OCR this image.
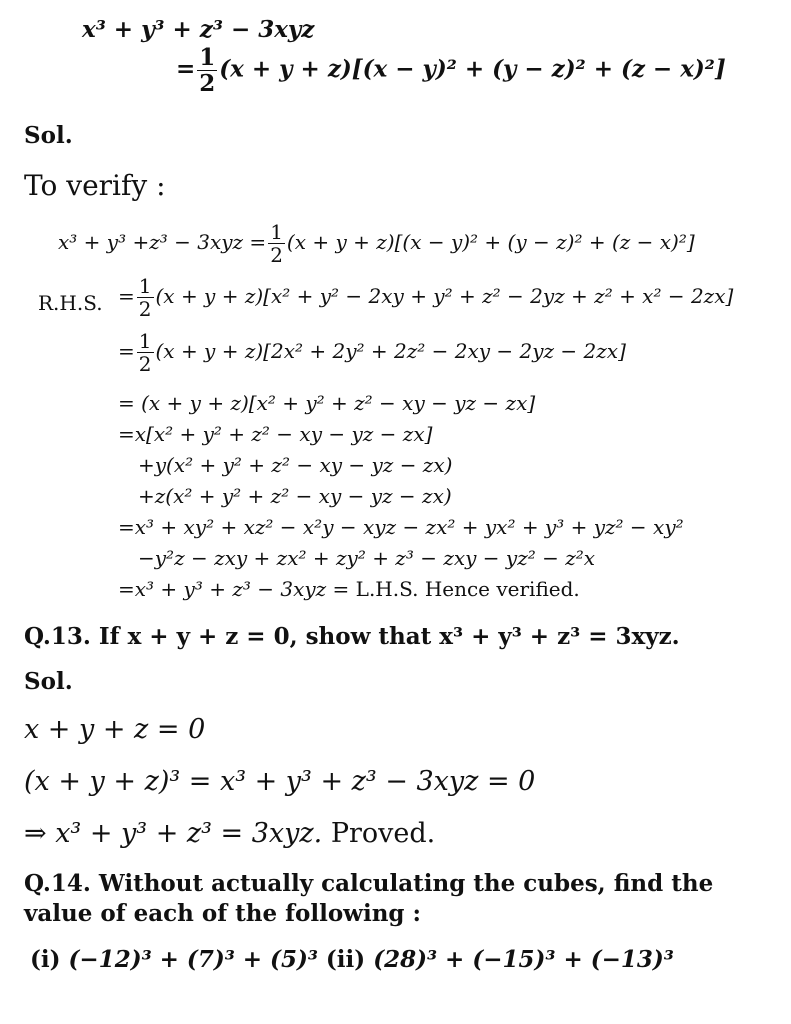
x³ + y³ + z³ − 3xyz
= $\frac{1}{2} (x + y + z)[(x - y)^2 + (y - z)^2 + (z - x)^2]$
Sol.
To verify :
$x^3 + y^3 +z^3 - 3xyz = \frac{1}{2} (x + y + z)[(x - y)^2 + (y - z)^2 + (z - x)^2]$
R.H.S. = $\frac{1}{2} (x + y + z)[x^2 + y^2 - 2xy + y^2 + z^2 - 2yz + z^2 + x^2 - 2zx]$
= $\frac{1}{2} (x + y + z)[2x^2 + 2y^2 + 2z^2 - 2xy - 2yz - 2zx]$
= (x + y + z)[x² + y² + z² − xy − yz − zx]
=x[x² + y² + z² − xy − yz − zx]
+y(x² + y² + z² − xy − yz − zx)
+z(x² + y² + z² − xy − yz − zx)
=x³ + xy² + xz² − x²y − xyz − zx² + yx² + y³ + yz² − xy²
−y²z − zxy + zx² + zy² + z³ − zxy − yz² − z²x
=x³ + y³ + z³ − 3xyz = L.H.S. Hence verified.
Q.13. If x + y + z = 0, show that x³ + y³ + z³ = 3xyz.
Sol.
x + y + z = 0
(x + y + z)³ = x³ + y³ + z³ − 3xyz = 0
⇒ x³ + y³ + z³ = 3xyz. Proved.
Q.14. Without actually calculating the cubes, find the
value of each of the following :
(i) (−12)³ + (7)³ + (5)³ (ii) (28)³ + (−15)³ + (−13)³
